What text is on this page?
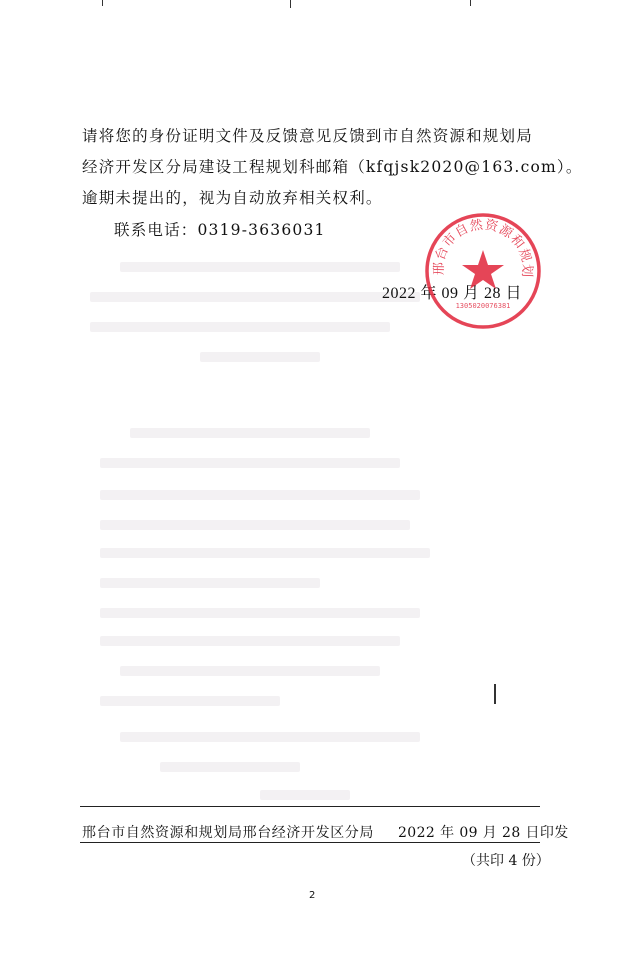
请将您的身份证明文件及反馈意见反馈到市自然资源和规划局
经济开发区分局建设工程规划科邮箱（kfqjsk2020@163.com）。
逾期未提出的，视为自动放弃相关权利。
联系电话：0319-3636031
2022 年 09 月 28 日
邢台市自然资源和规划
1305020076381
邢台市自然资源和规划局邢台经济开发区分局 2022 年 09 月 28 日印发
（共印 4 份）
2
